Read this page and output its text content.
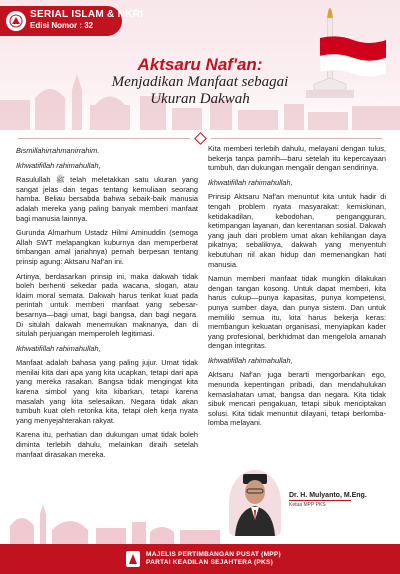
SERIAL ISLAM & NKRI
Edisi Nomor : 32
Aktsaru Naf'an:
Menjadikan Manfaat sebagai
Ukuran Dakwah

Bismillahirrahmanirrahim.

Ikhwatifillah rahimahullah,

Rasulullah ﷺ telah meletakkan satu ukuran yang sangat jelas dan tegas tentang kemuliaan seorang hamba. Beliau bersabda bahwa sebaik-baik manusia adalah mereka yang paling banyak memberi manfaat bagi manusia lainnya.

Gurunda Almarhum Ustadz Hilmi Aminuddin (semoga Allah SWT melapangkan kuburnya dan memperberat timbangan amal jariahnya) pernah berpesan tentang prinsip agung: Aktsaru Naf'an ini.

Artinya, berdasarkan prinsip ini, maka dakwah tidak boleh berhenti sekedar pada wacana, slogan, atau klaim moral semata. Dakwah harus terikat kuat pada perintah untuk memberi manfaat yang sebesar-besarnya—bagi umat, bagi bangsa, dan bagi negara. Di situlah dakwah menemukan maknanya, dan di situlah perjuangan memperoleh legitimasi.

Ikhwatifillah rahimahullah,

Manfaat adalah bahasa yang paling jujur. Umat tidak menilai kita dari apa yang kita ucapkan, tetapi dari apa yang mereka rasakan. Bangsa tidak mengingat kita karena simbol yang kita kibarkan, tetapi karena masalah yang kita selesaikan. Negara tidak akan tumbuh kuat oleh retorika kita, tetapi oleh kerja nyata yang menyejahterakan rakyat.

Karena itu, perhatian dan dukungan umat tidak boleh diminta terlebih dahulu, melainkan diraih setelah manfaat dirasakan mereka.

Kita memberi terlebih dahulu, melayani dengan tulus, bekerja tanpa pamrih—baru setelah itu kepercayaan tumbuh, dan dukungan mengalir dengan sendirinya.

Ikhwatifillah rahimahullah,

Prinsip Aktsaru Naf'an menuntut kita untuk hadir di tengah problem nyata masyarakat: kemiskinan, ketidakadilan, kebodohan, pengangguran, ketimpangan layanan, dan kerentanan sosial. Dakwah yang jauh dari problem umat akan kehilangan daya pikatnya; sebaliknya, dakwah yang menyentuh kebutuhan riil akan hidup dan memenangkan hati manusia.

Namun memberi manfaat tidak mungkin dilakukan dengan tangan kosong. Untuk dapat memberi, kita harus cukup—punya kapasitas, punya kompetensi, punya sumber daya, dan punya sistem. Dan untuk memiliki semua itu, kita harus bekerja keras: membangun kekuatan organisasi, menyiapkan kader yang profesional, berkhidmat dan mengelola amanah dengan integritas.

Ikhwatifillah rahimahullah,

Aktsaru Naf'an juga berarti mengorbankan ego, menunda kepentingan pribadi, dan mendahulukan kemaslahatan umat, bangsa dan negara. Kita tidak sibuk mencari pengakuan, tetapi sibuk menciptakan solusi. Kita tidak menuntut dilayani, tetapi berlomba-lomba melayani.

Dr. H. Mulyanto, M.Eng.
Ketua MPP PKS
MAJELIS PERTIMBANGAN PUSAT (MPP)
PARTAI KEADILAN SEJAHTERA (PKS)
